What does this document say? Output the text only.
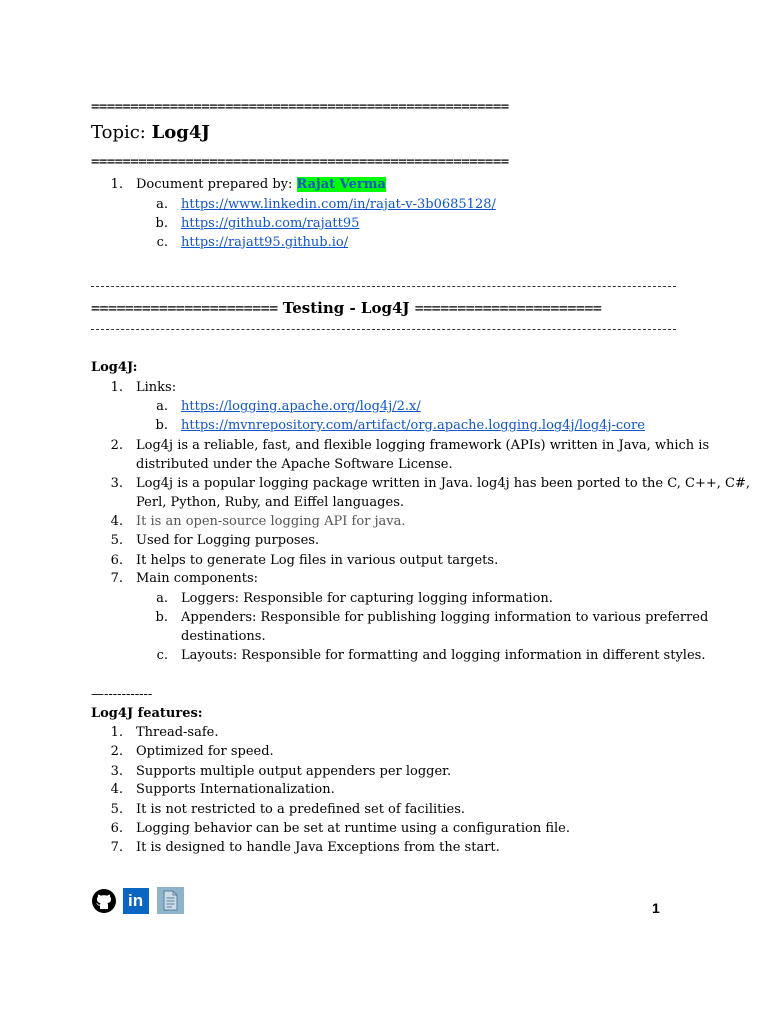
=====================================================
Topic: Log4J
=====================================================
1. Document prepared by: Rajat Verma
a. https://www.linkedin.com/in/rajat-v-3b0685128/
b. https://github.com/rajatt95
c. https://rajatt95.github.io/
====================== Testing - Log4J ======================
Log4J:
1. Links:
a. https://logging.apache.org/log4j/2.x/
b. https://mvnrepository.com/artifact/org.apache.logging.log4j/log4j-core
2. Log4j is a reliable, fast, and flexible logging framework (APIs) written in Java, which is
distributed under the Apache Software License.
3. Log4j is a popular logging package written in Java. log4j has been ported to the C, C++, C#,
Perl, Python, Ruby, and Eiffel languages.
4. It is an open-source logging API for java.
5. Used for Logging purposes.
6. It helps to generate Log files in various output targets.
7. Main components:
a. Loggers: Responsible for capturing logging information.
b. Appenders: Responsible for publishing logging information to various preferred
destinations.
c. Layouts: Responsible for formatting and logging information in different styles.
—-----------
Log4J features:
1. Thread-safe.
2. Optimized for speed.
3. Supports multiple output appenders per logger.
4. Supports Internationalization.
5. It is not restricted to a predefined set of facilities.
6. Logging behavior can be set at runtime using a configuration file.
7. It is designed to handle Java Exceptions from the start.
in	1
